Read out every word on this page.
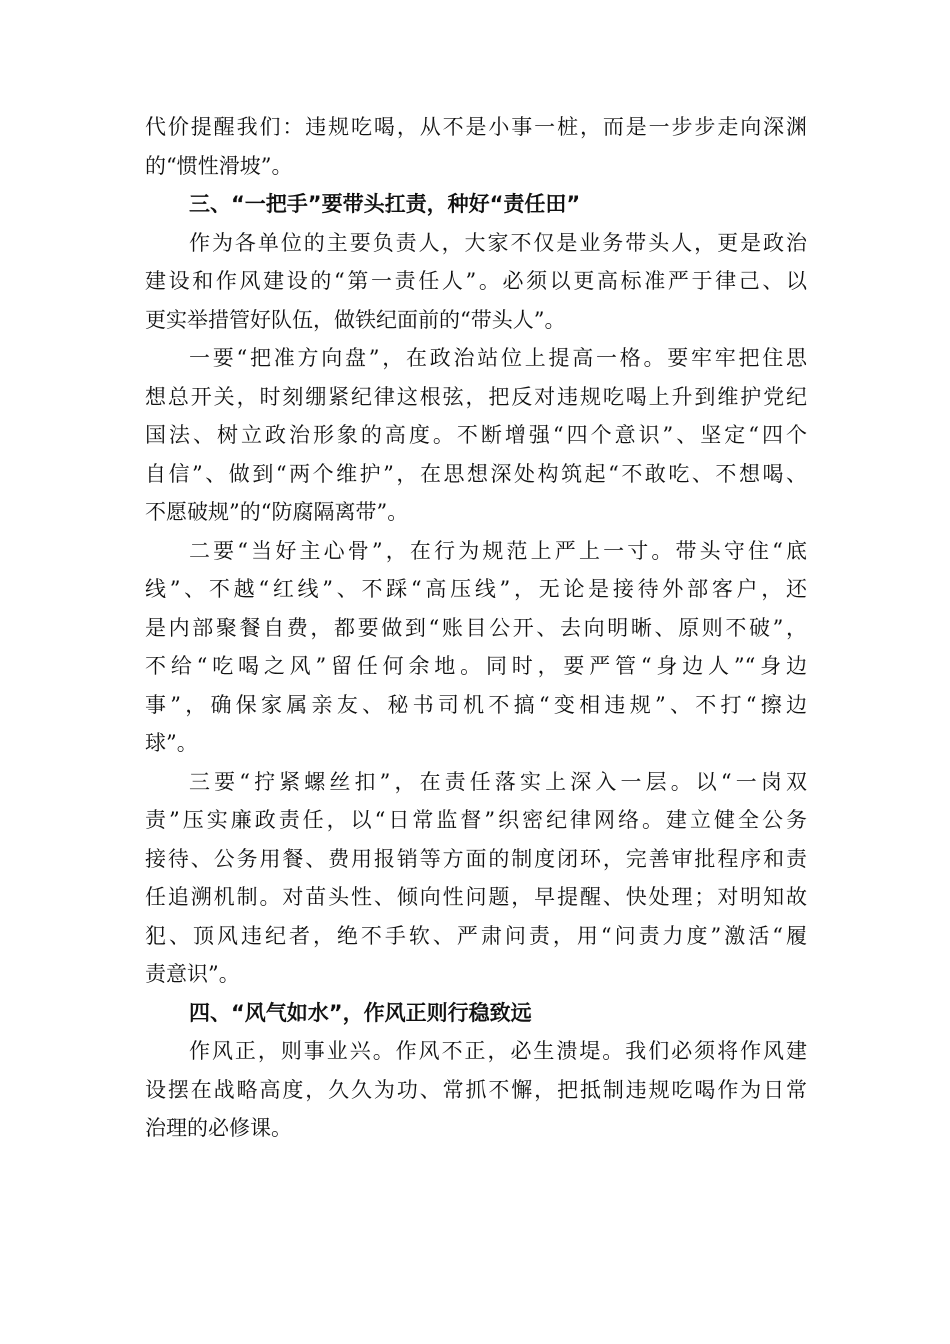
代价提醒我们：违规吃喝，从不是小事一桩，而是一步步走向深渊
的“惯性滑坡”。
三、“一把手”要带头扛责，种好“责任田”
作为各单位的主要负责人，大家不仅是业务带头人，更是政治
建设和作风建设的“第一责任人”。必须以更高标准严于律己、以
更实举措管好队伍，做铁纪面前的“带头人”。
一要“把准方向盘”，在政治站位上提高一格。要牢牢把住思
想总开关，时刻绷紧纪律这根弦，把反对违规吃喝上升到维护党纪
国法、树立政治形象的高度。不断增强“四个意识”、坚定“四个
自信”、做到“两个维护”，在思想深处构筑起“不敢吃、不想喝、
不愿破规”的“防腐隔离带”。
二要“当好主心骨”，在行为规范上严上一寸。带头守住“底
线”、不越“红线”、不踩“高压线”，无论是接待外部客户，还
是内部聚餐自费，都要做到“账目公开、去向明晰、原则不破”，
不给“吃喝之风”留任何余地。同时，要严管“身边人”“身边
事”，确保家属亲友、秘书司机不搞“变相违规”、不打“擦边
球”。
三要“拧紧螺丝扣”，在责任落实上深入一层。以“一岗双
责”压实廉政责任，以“日常监督”织密纪律网络。建立健全公务
接待、公务用餐、费用报销等方面的制度闭环，完善审批程序和责
任追溯机制。对苗头性、倾向性问题，早提醒、快处理；对明知故
犯、顶风违纪者，绝不手软、严肃问责，用“问责力度”激活“履
责意识”。
四、“风气如水”，作风正则行稳致远
作风正，则事业兴。作风不正，必生溃堤。我们必须将作风建
设摆在战略高度，久久为功、常抓不懈，把抵制违规吃喝作为日常
治理的必修课。
